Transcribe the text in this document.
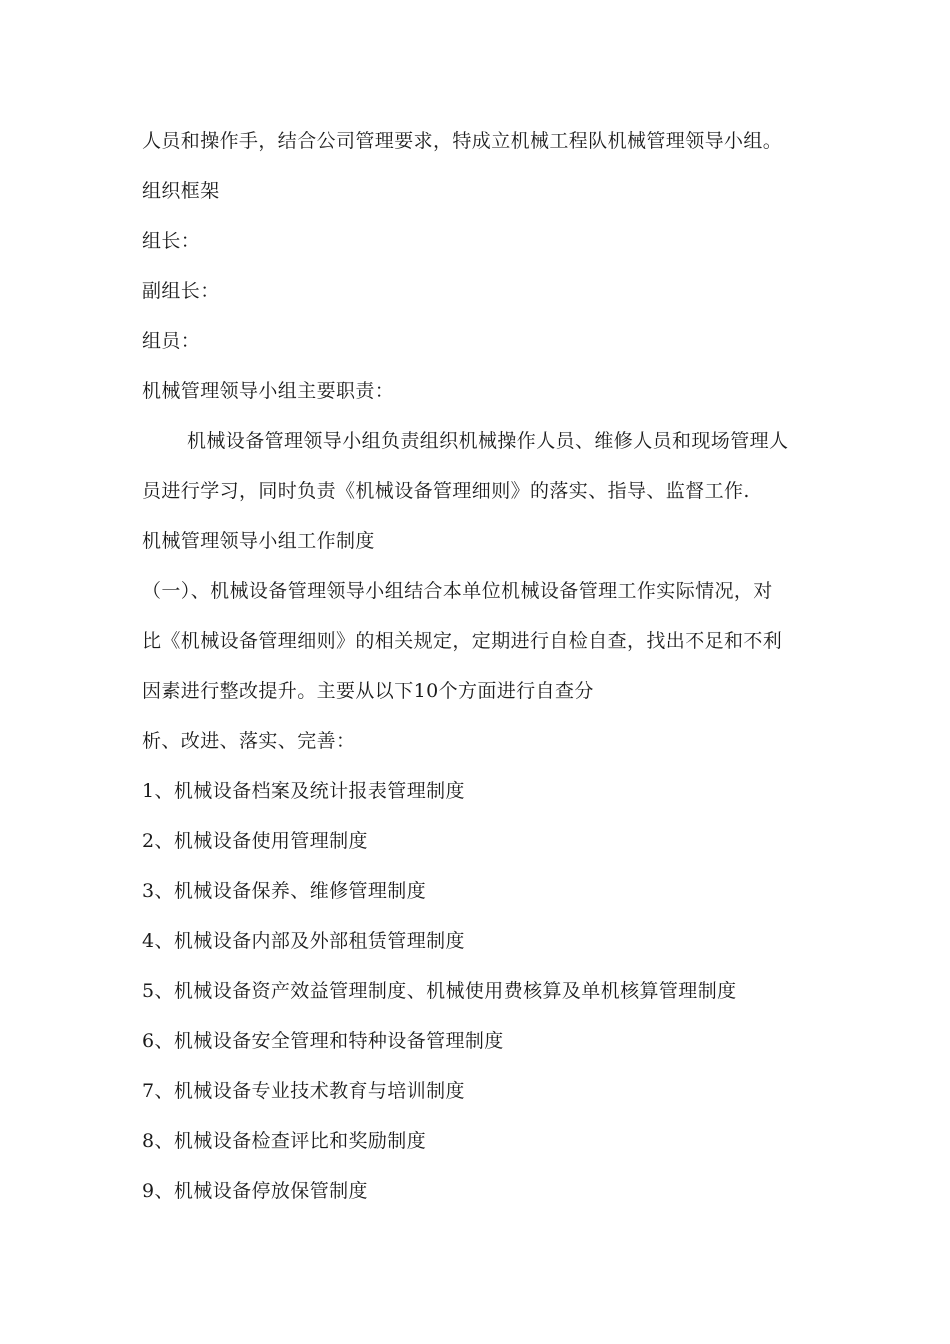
人员和操作手，结合公司管理要求，特成立机械工程队机械管理领导小组。
组织框架
组长：
副组长：
组员：
机械管理领导小组主要职责：
机械设备管理领导小组负责组织机械操作人员、维修人员和现场管理人
员进行学习，同时负责《机械设备管理细则》的落实、指导、监督工作.
机械管理领导小组工作制度
（一）、机械设备管理领导小组结合本单位机械设备管理工作实际情况，对
比《机械设备管理细则》的相关规定，定期进行自检自查，找出不足和不利
因素进行整改提升。主要从以下10个方面进行自查分
析、改进、落实、完善：
1、机械设备档案及统计报表管理制度
2、机械设备使用管理制度
3、机械设备保养、维修管理制度
4、机械设备内部及外部租赁管理制度
5、机械设备资产效益管理制度、机械使用费核算及单机核算管理制度
6、机械设备安全管理和特种设备管理制度
7、机械设备专业技术教育与培训制度
8、机械设备检查评比和奖励制度
9、机械设备停放保管制度
